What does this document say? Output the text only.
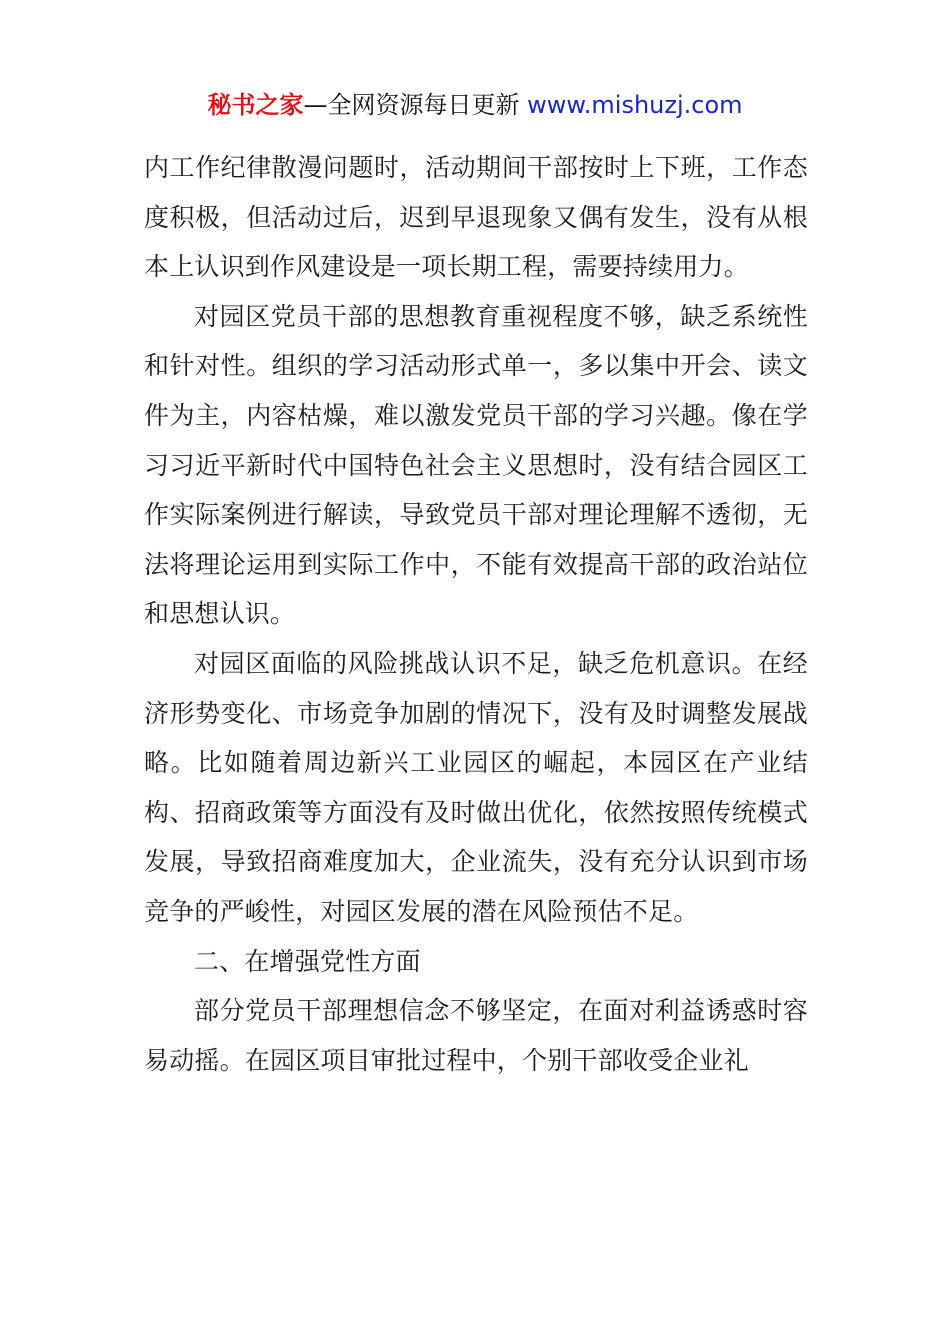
秘书之家—全网资源每日更新 www.mishuzj.com

内工作纪律散漫问题时，活动期间干部按时上下班，工作态度积极，但活动过后，迟到早退现象又偶有发生，没有从根本上认识到作风建设是一项长期工程，需要持续用力。

对园区党员干部的思想教育重视程度不够，缺乏系统性和针对性。组织的学习活动形式单一，多以集中开会、读文件为主，内容枯燥，难以激发党员干部的学习兴趣。像在学习习近平新时代中国特色社会主义思想时，没有结合园区工作实际案例进行解读，导致党员干部对理论理解不透彻，无法将理论运用到实际工作中，不能有效提高干部的政治站位和思想认识。

对园区面临的风险挑战认识不足，缺乏危机意识。在经济形势变化、市场竞争加剧的情况下，没有及时调整发展战略。比如随着周边新兴工业园区的崛起，本园区在产业结构、招商政策等方面没有及时做出优化，依然按照传统模式发展，导致招商难度加大，企业流失，没有充分认识到市场竞争的严峻性，对园区发展的潜在风险预估不足。

二、在增强党性方面

部分党员干部理想信念不够坚定，在面对利益诱惑时容易动摇。在园区项目审批过程中，个别干部收受企业礼
